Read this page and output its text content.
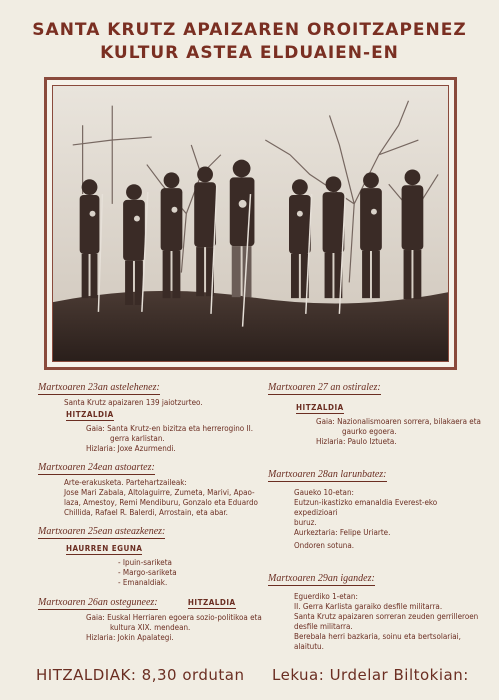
SANTA KRUTZ APAIZAREN OROITZAPENEZ
KULTUR ASTEA ELDUAIEN-EN
Martxoaren 23an astelehenez:
Santa Krutz apaizaren 139 jaiotzurteo.
HITZALDIA
Gaia: Santa Krutz-en bizitza eta herrerogino II.
gerra karlistan.
Hizlaria: Joxe Azurmendi.
Martxoaren 24ean astoartez:
Arte-erakusketa. Partehartzaileak:
Jose Mari Zabala, Altolaguirre, Zumeta, Marivi, Apao-
laza, Amestoy, Remi Mendiburu, Gonzalo eta Eduardo
Chillida, Rafael R. Balerdi, Arrostain, eta abar.
Martxoaren 25ean asteazkenez: HAURREN EGUNA
- Ipuin-sariketa
- Margo-sariketa
- Emanaldiak.
Martxoaren 26an osteguneez:	HITZALDIA
Gaia: Euskal Herriaren egoera sozio-politikoa eta
kultura XIX. mendean.
Hizlaria: Jokin Apalategi.
Martxoaren 27 an ostiralez:
HITZALDIA
Gaia: Nazionalismoaren sorrera, bilakaera eta
gaurko egoera.
Hizlaria: Paulo Iztueta.
Martxoaren 28an larunbatez:
Gaueko 10-etan:
Eutzun-ikastizko emanaldia Everest-eko expedizioari
buruz.
Aurkeztaria: Felipe Uriarte.
Ondoren sotuna.
Martxoaren 29an igandez:
Eguerdiko 1-etan:
II. Gerra Karlista garaiko desfile militarra.
Santa Krutz apaizaren sorreran zeuden gerrilleroen
desfile militarra.
Berebala herri bazkaria, soinu eta bertsolariai, alaitutu.
HITZALDIAK: 8,30 ordutan Lekua: Urdelar Biltokian:
